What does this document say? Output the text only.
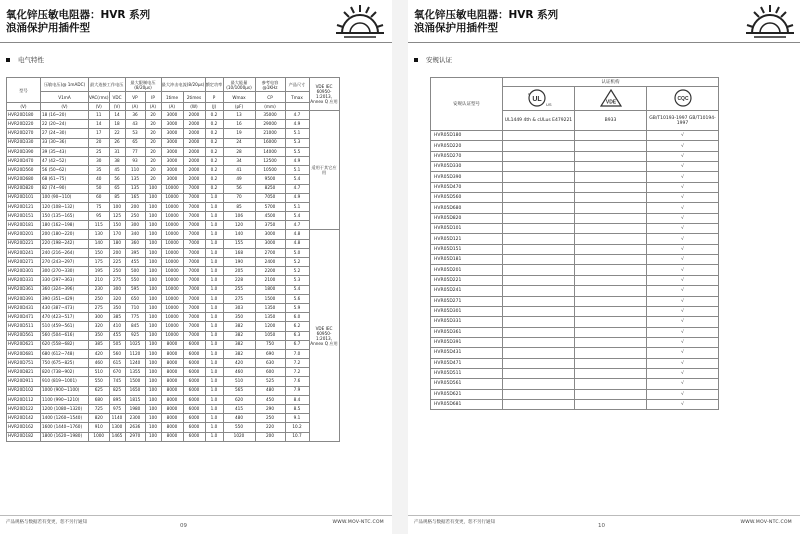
氧化锌压敏电阻器：HVR 系列
浪涌保护用插件型
电气特性
型号	压敏电压(@ 1mADC)	最大连接工作电压		最大限制电压(8/20μs)		最大冲击电流(8/20μs)		额定功率	最大能量(10/1000μs)	参考电容@1KHz	产品尺寸	VDE IEC 60950-1:2013, Annex Q 应用
	V1mA	VAC(rms)	VDC	VP	IP	1time	2times	P	Wmax	CP	Tmax	
(V)	(V)	(V)	(V)	(A)	(A)	(A)	(W)	(J)	(pF)	(mm)		
HVR20D180	18 (16~20)	11	14	36	20	3000	2000	0.2	13	35000	4.7	适用于其它应用
HVR20D220	22 (20~24)	14	18	43	20	3000	2000	0.2	16	29000	4.9	
HVR20D270	27 (24~30)	17	22	53	20	3000	2000	0.2	19	21000	5.1	
HVR20D330	33 (30~36)	20	26	65	20	3000	2000	0.2	24	16000	5.3	
HVR20D390	39 (35~43)	25	31	77	20	3000	2000	0.2	28	14000	5.5	
HVR20D470	47 (42~52)	30	38	93	20	3000	2000	0.2	34	12500	4.9	
HVR20D560	56 (50~62)	35	45	110	20	3000	2000	0.2	41	10500	5.1	
HVR20D680	68 (61~75)	40	56	135	20	3000	2000	0.2	49	9500	5.4	
HVR20D820	82 (74~90)	50	65	135	100	10000	7000	0.2	56	8250	4.7	
HVR20D101	100 (90~110)	60	85	165	100	10000	7000	1.0	70	7050	4.9	
HVR20D121	120 (108~132)	75	100	200	100	10000	7000	1.0	85	5700	5.1	
HVR20D151	150 (135~165)	95	125	250	100	10000	7000	1.0	106	4500	5.4	
HVR20D181	180 (162~198)	115	150	300	100	10000	7000	1.0	120	3750	4.7	
HVR20D201	200 (180~220)	130	170	340	100	10000	7000	1.0	140	3000	4.8	VDE IEC 60950-1:2013, Annex Q 应用
HVR20D221	220 (198~242)	140	180	360	100	10000	7000	1.0	155	3000	4.8	
HVR20D241	240 (216~264)	150	200	395	100	10000	7000	1.0	168	2700	5.0	
HVR20D271	270 (243~297)	175	225	455	100	10000	7000	1.0	190	2400	5.2	
HVR20D301	300 (270~330)	195	250	500	100	10000	7000	1.0	205	2200	5.2	
HVR20D331	330 (297~363)	210	275	550	100	10000	7000	1.0	228	2100	5.3	
HVR20D361	360 (324~396)	230	300	595	100	10000	7000	1.0	255	1800	5.4	
HVR20D391	390 (351~429)	250	320	650	100	10000	7000	1.0	275	1500	5.6	
HVR20D431	430 (387~473)	275	350	710	100	10000	7000	1.0	303	1350	5.9	
HVR20D471	470 (423~517)	300	385	775	100	10000	7000	1.0	350	1350	6.0	
HVR20D511	510 (459~561)	320	410	845	100	10000	7000	1.0	382	1200	6.2	
HVR20D561	560 (504~616)	350	455	925	100	10000	7000	1.0	382	1050	6.3	
HVR20D621	620 (558~682)	385	505	1025	100	8000	6000	1.0	382	750	6.7	
HVR20D681	680 (612~748)	420	560	1120	100	8000	6000	1.0	382	690	7.0	
HVR20D751	750 (675~825)	460	615	1240	100	8000	6000	1.0	420	630	7.2	
HVR20D821	820 (738~902)	510	670	1355	100	8000	6000	1.0	460	600	7.2	
HVR20D911	910 (819~1001)	550	745	1500	100	8000	6000	1.0	510	525	7.6	
HVR20D102	1000 (900~1100)	625	825	1650	100	8000	6000	1.0	565	480	7.9	
HVR20D112	1100 (990~1210)	680	895	1815	100	8000	6000	1.0	620	450	8.4	
HVR20D122	1200 (1080~1320)	725	975	1980	100	8000	6000	1.0	415	290	8.5	
HVR20D142	1400 (1260~1540)	820	1140	2300	100	8000	6000	1.0	480	250	9.1	
HVR20D162	1600 (1440~1760)	910	1300	2636	100	8000	6000	1.0	550	220	10.2	
HVR20D182	1800 (1620~1980)	1000	1465	2970	100	8000	6000	1.0	1020	200	10.7	
产品规格与数据若有变更，恕不另行通知
09
WWW.MOV-NTC.COM
氧化锌压敏电阻器：HVR 系列
浪涌保护用插件型
安规认证
安规认证型号	认证机构		

UL
c
US	VDE	CQC

	UL1449 4th & cULus E479221	B933	GB/T10193-1997 GB/T10194-1997
HVR05D180			√
HVR05D220			√
HVR05D270			√
HVR05D330			√
HVR05D390			√
HVR05D470			√
HVR05D560			√
HVR05D680			√
HVR05D820			√
HVR05D101			√
HVR05D121			√
HVR05D151			√
HVR05D181			√
HVR05D201			√
HVR05D221			√
HVR05D241			√
HVR05D271			√
HVR05D301			√
HVR05D331			√
HVR05D361			√
HVR05D391			√
HVR05D431			√
HVR05D471			√
HVR05D511			√
HVR05D561			√
HVR05D621			√
HVR05D681			√
产品规格与数据若有变更，恕不另行通知
10
WWW.MOV-NTC.COM
